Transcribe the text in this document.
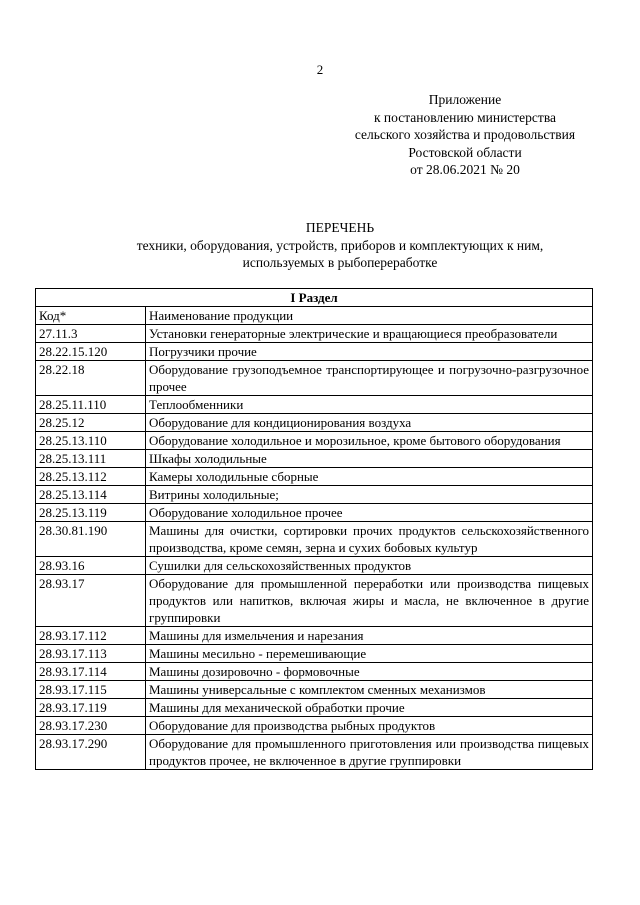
2
Приложение
к постановлению министерства
сельского хозяйства и продовольствия
Ростовской области
от 28.06.2021 № 20
ПЕРЕЧЕНЬ
техники, оборудования, устройств, приборов и комплектующих к ним,
используемых в рыбопереработке
I Раздел	
Код*	Наименование продукции
27.11.3	Установки генераторные электрические и вращающиеся преобразователи
28.22.15.120	Погрузчики прочие
28.22.18	Оборудование грузоподъемное транспортирующее и погрузочно-разгрузочное прочее
28.25.11.110	Теплообменники
28.25.12	Оборудование для кондиционирования воздуха
28.25.13.110	Оборудование холодильное и морозильное, кроме бытового оборудования
28.25.13.111	Шкафы холодильные
28.25.13.112	Камеры холодильные сборные
28.25.13.114	Витрины холодильные;
28.25.13.119	Оборудование холодильное прочее
28.30.81.190	Машины для очистки, сортировки прочих продуктов сельскохозяйственного производства, кроме семян, зерна и сухих бобовых культур
28.93.16	Сушилки для сельскохозяйственных продуктов
28.93.17	Оборудование для промышленной переработки или производства пищевых продуктов или напитков, включая жиры и масла, не включенное в другие группировки
28.93.17.112	Машины для измельчения и нарезания
28.93.17.113	Машины месильно - перемешивающие
28.93.17.114	Машины дозировочно - формовочные
28.93.17.115	Машины универсальные с комплектом сменных механизмов
28.93.17.119	Машины для механической обработки прочие
28.93.17.230	Оборудование для производства рыбных продуктов
28.93.17.290	Оборудование для промышленного приготовления или производства пищевых продуктов прочее, не включенное в другие группировки
